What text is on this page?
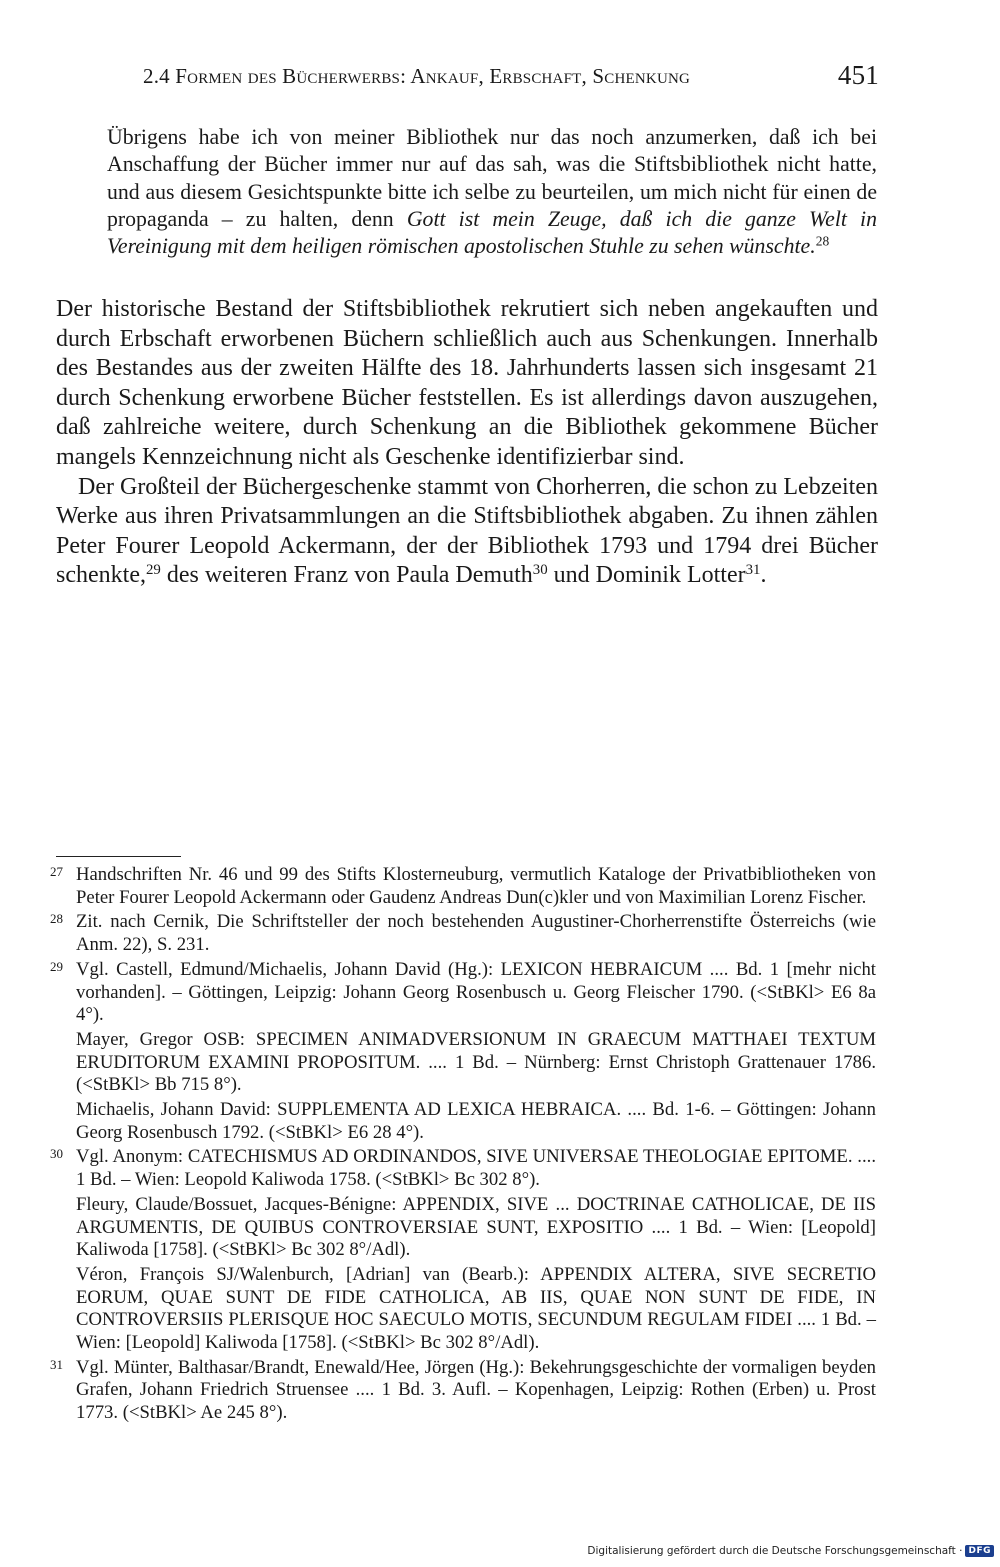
2.4 Formen des Bücherwerbs: Ankauf, Erbschaft, Schenkung	451

Übrigens habe ich von meiner Bibliothek nur das noch anzumerken, daß ich bei Anschaffung der Bücher immer nur auf das sah, was die Stiftsbibliothek nicht hatte, und aus diesem Gesichtspunkte bitte ich selbe zu beurteilen, um mich nicht für einen de propaganda – zu halten, denn Gott ist mein Zeuge, daß ich die ganze Welt in Vereinigung mit dem heiligen römischen apostolischen Stuhle zu sehen wünschte.$^{28}$

Der historische Bestand der Stiftsbibliothek rekrutiert sich neben angekauften und durch Erbschaft erworbenen Büchern schließlich auch aus Schenkungen. Innerhalb des Bestandes aus der zweiten Hälfte des 18. Jahrhunderts lassen sich insgesamt 21 durch Schenkung erworbene Bücher feststellen. Es ist allerdings davon auszugehen, daß zahlreiche weitere, durch Schenkung an die Bibliothek gekommene Bücher mangels Kennzeichnung nicht als Geschenke identifizierbar sind.

Der Großteil der Büchergeschenke stammt von Chorherren, die schon zu Lebzeiten Werke aus ihren Privatsammlungen an die Stiftsbibliothek abgaben. Zu ihnen zählen Peter Fourer Leopold Ackermann, der der Bibliothek 1793 und 1794 drei Bücher schenkte,$^{29}$ des weiteren Franz von Paula Demuth$^{30}$ und Dominik Lotter$^{31}$.

27 Handschriften Nr. 46 und 99 des Stifts Klosterneuburg, vermutlich Kataloge der Privatbibliotheken von Peter Fourer Leopold Ackermann oder Gaudenz Andreas Dun(c)kler und von Maximilian Lorenz Fischer.
28 Zit. nach Cernik, Die Schriftsteller der noch bestehenden Augustiner-Chorherrenstifte Österreichs (wie Anm. 22), S. 231.
29 Vgl. Castell, Edmund/Michaelis, Johann David (Hg.): LEXICON HEBRAICUM .... Bd. 1 [mehr nicht vorhanden]. – Göttingen, Leipzig: Johann Georg Rosenbusch u. Georg Fleischer 1790. (<StBKl> E6 8a 4°).
Mayer, Gregor OSB: SPECIMEN ANIMADVERSIONUM IN GRAECUM MATTHAEI TEXTUM ERUDITORUM EXAMINI PROPOSITUM. .... 1 Bd. – Nürnberg: Ernst Christoph Grattenauer 1786. (<StBKl> Bb 715 8°).
Michaelis, Johann David: SUPPLEMENTA AD LEXICA HEBRAICA. .... Bd. 1-6. – Göttingen: Johann Georg Rosenbusch 1792. (<StBKl> E6 28 4°).
30 Vgl. Anonym: CATECHISMUS AD ORDINANDOS, SIVE UNIVERSAE THEOLOGIAE EPITOME. .... 1 Bd. – Wien: Leopold Kaliwoda 1758. (<StBKl> Bc 302 8°).
Fleury, Claude/Bossuet, Jacques-Bénigne: APPENDIX, SIVE ... DOCTRINAE CATHOLICAE, DE IIS ARGUMENTIS, DE QUIBUS CONTROVERSIAE SUNT, EXPOSITIO .... 1 Bd. – Wien: [Leopold] Kaliwoda [1758]. (<StBKl> Bc 302 8°/Adl).
Véron, François SJ/Walenburch, [Adrian] van (Bearb.): APPENDIX ALTERA, SIVE SECRETIO EORUM, QUAE SUNT DE FIDE CATHOLICA, AB IIS, QUAE NON SUNT DE FIDE, IN CONTROVERSIIS PLERISQUE HOC SAECULO MOTIS, SECUNDUM REGULAM FIDEI .... 1 Bd. – Wien: [Leopold] Kaliwoda [1758]. (<StBKl> Bc 302 8°/Adl).
31 Vgl. Münter, Balthasar/Brandt, Enewald/Hee, Jörgen (Hg.): Bekehrungsgeschichte der vormaligen beyden Grafen, Johann Friedrich Struensee .... 1 Bd. 3. Aufl. – Kopenhagen, Leipzig: Rothen (Erben) u. Prost 1773. (<StBKl> Ae 245 8°).
Digitalisierung gefördert durch die Deutsche Forschungsgemeinschaft · DFG
